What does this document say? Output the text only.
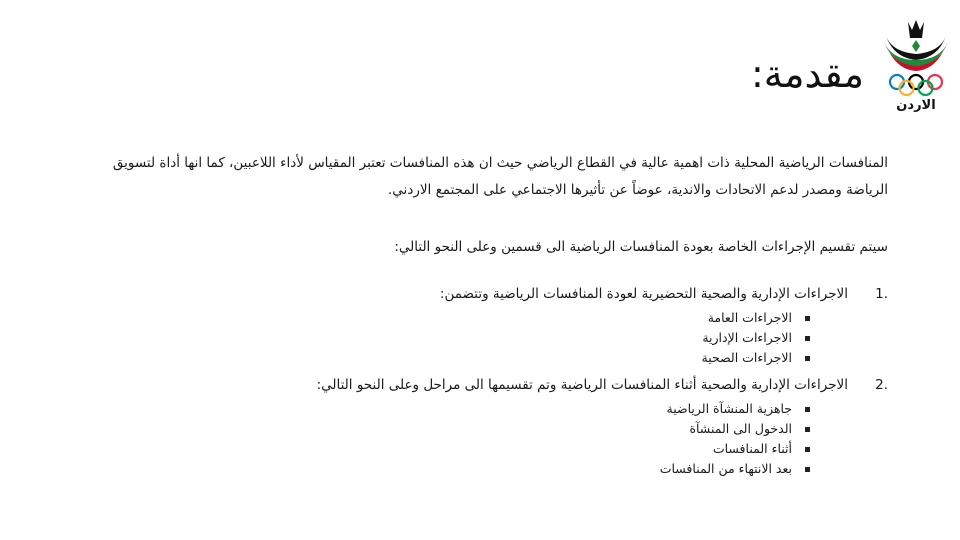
الاردن
مقدمة:

المنافسات الرياضية المحلية ذات اهمية عالية في القطاع الرياضي حيث ان هذه المنافسات تعتبر المقياس لأداء اللاعبين، كما انها أداة لتسويق الرياضة ومصدر لدعم الاتحادات والاندية، عوضاً عن تأثيرها الاجتماعي على المجتمع الاردني.

سيتم تقسيم الإجراءات الخاصة بعودة المنافسات الرياضية الى قسمين وعلى النحو التالي:

1.
الاجراءات الإدارية والصحية التحضيرية لعودة المنافسات الرياضية وتتضمن:
الاجراءات العامة
الاجراءات الإدارية
الاجراءات الصحية
2.
الاجراءات الإدارية والصحية أثناء المنافسات الرياضية وتم تقسيمها الى مراحل وعلى النحو التالي:
جاهزية المنشآة الرياضية
الدخول الى المنشآة
أثناء المنافسات
بعد الانتهاء من المنافسات
